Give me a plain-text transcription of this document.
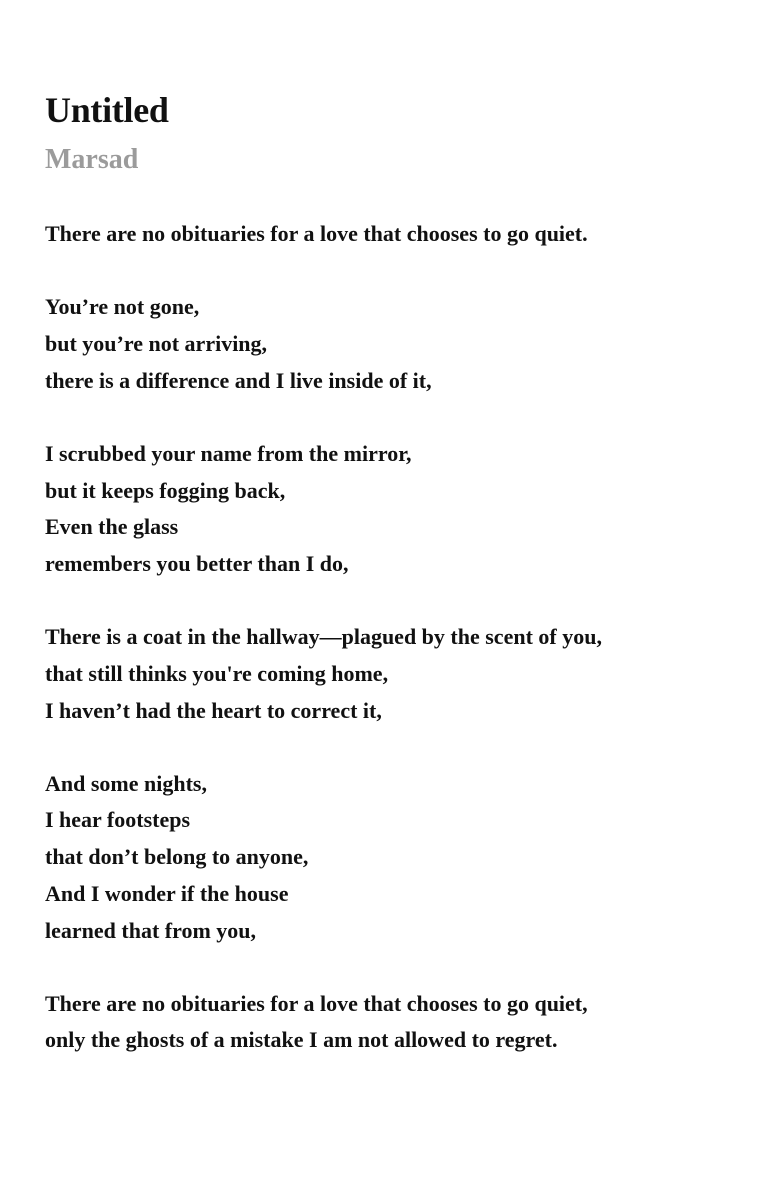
Untitled
Marsad
There are no obituaries for a love that chooses to go quiet.
You’re not gone,
but you’re not arriving,
there is a difference and I live inside of it,
I scrubbed your name from the mirror,
but it keeps fogging back,
Even the glass
remembers you better than I do,
There is a coat in the hallway—plagued by the scent of you,
that still thinks you're coming home,
I haven’t had the heart to correct it,
And some nights,
I hear footsteps
that don’t belong to anyone,
And I wonder if the house
learned that from you,
There are no obituaries for a love that chooses to go quiet,
only the ghosts of a mistake I am not allowed to regret.
